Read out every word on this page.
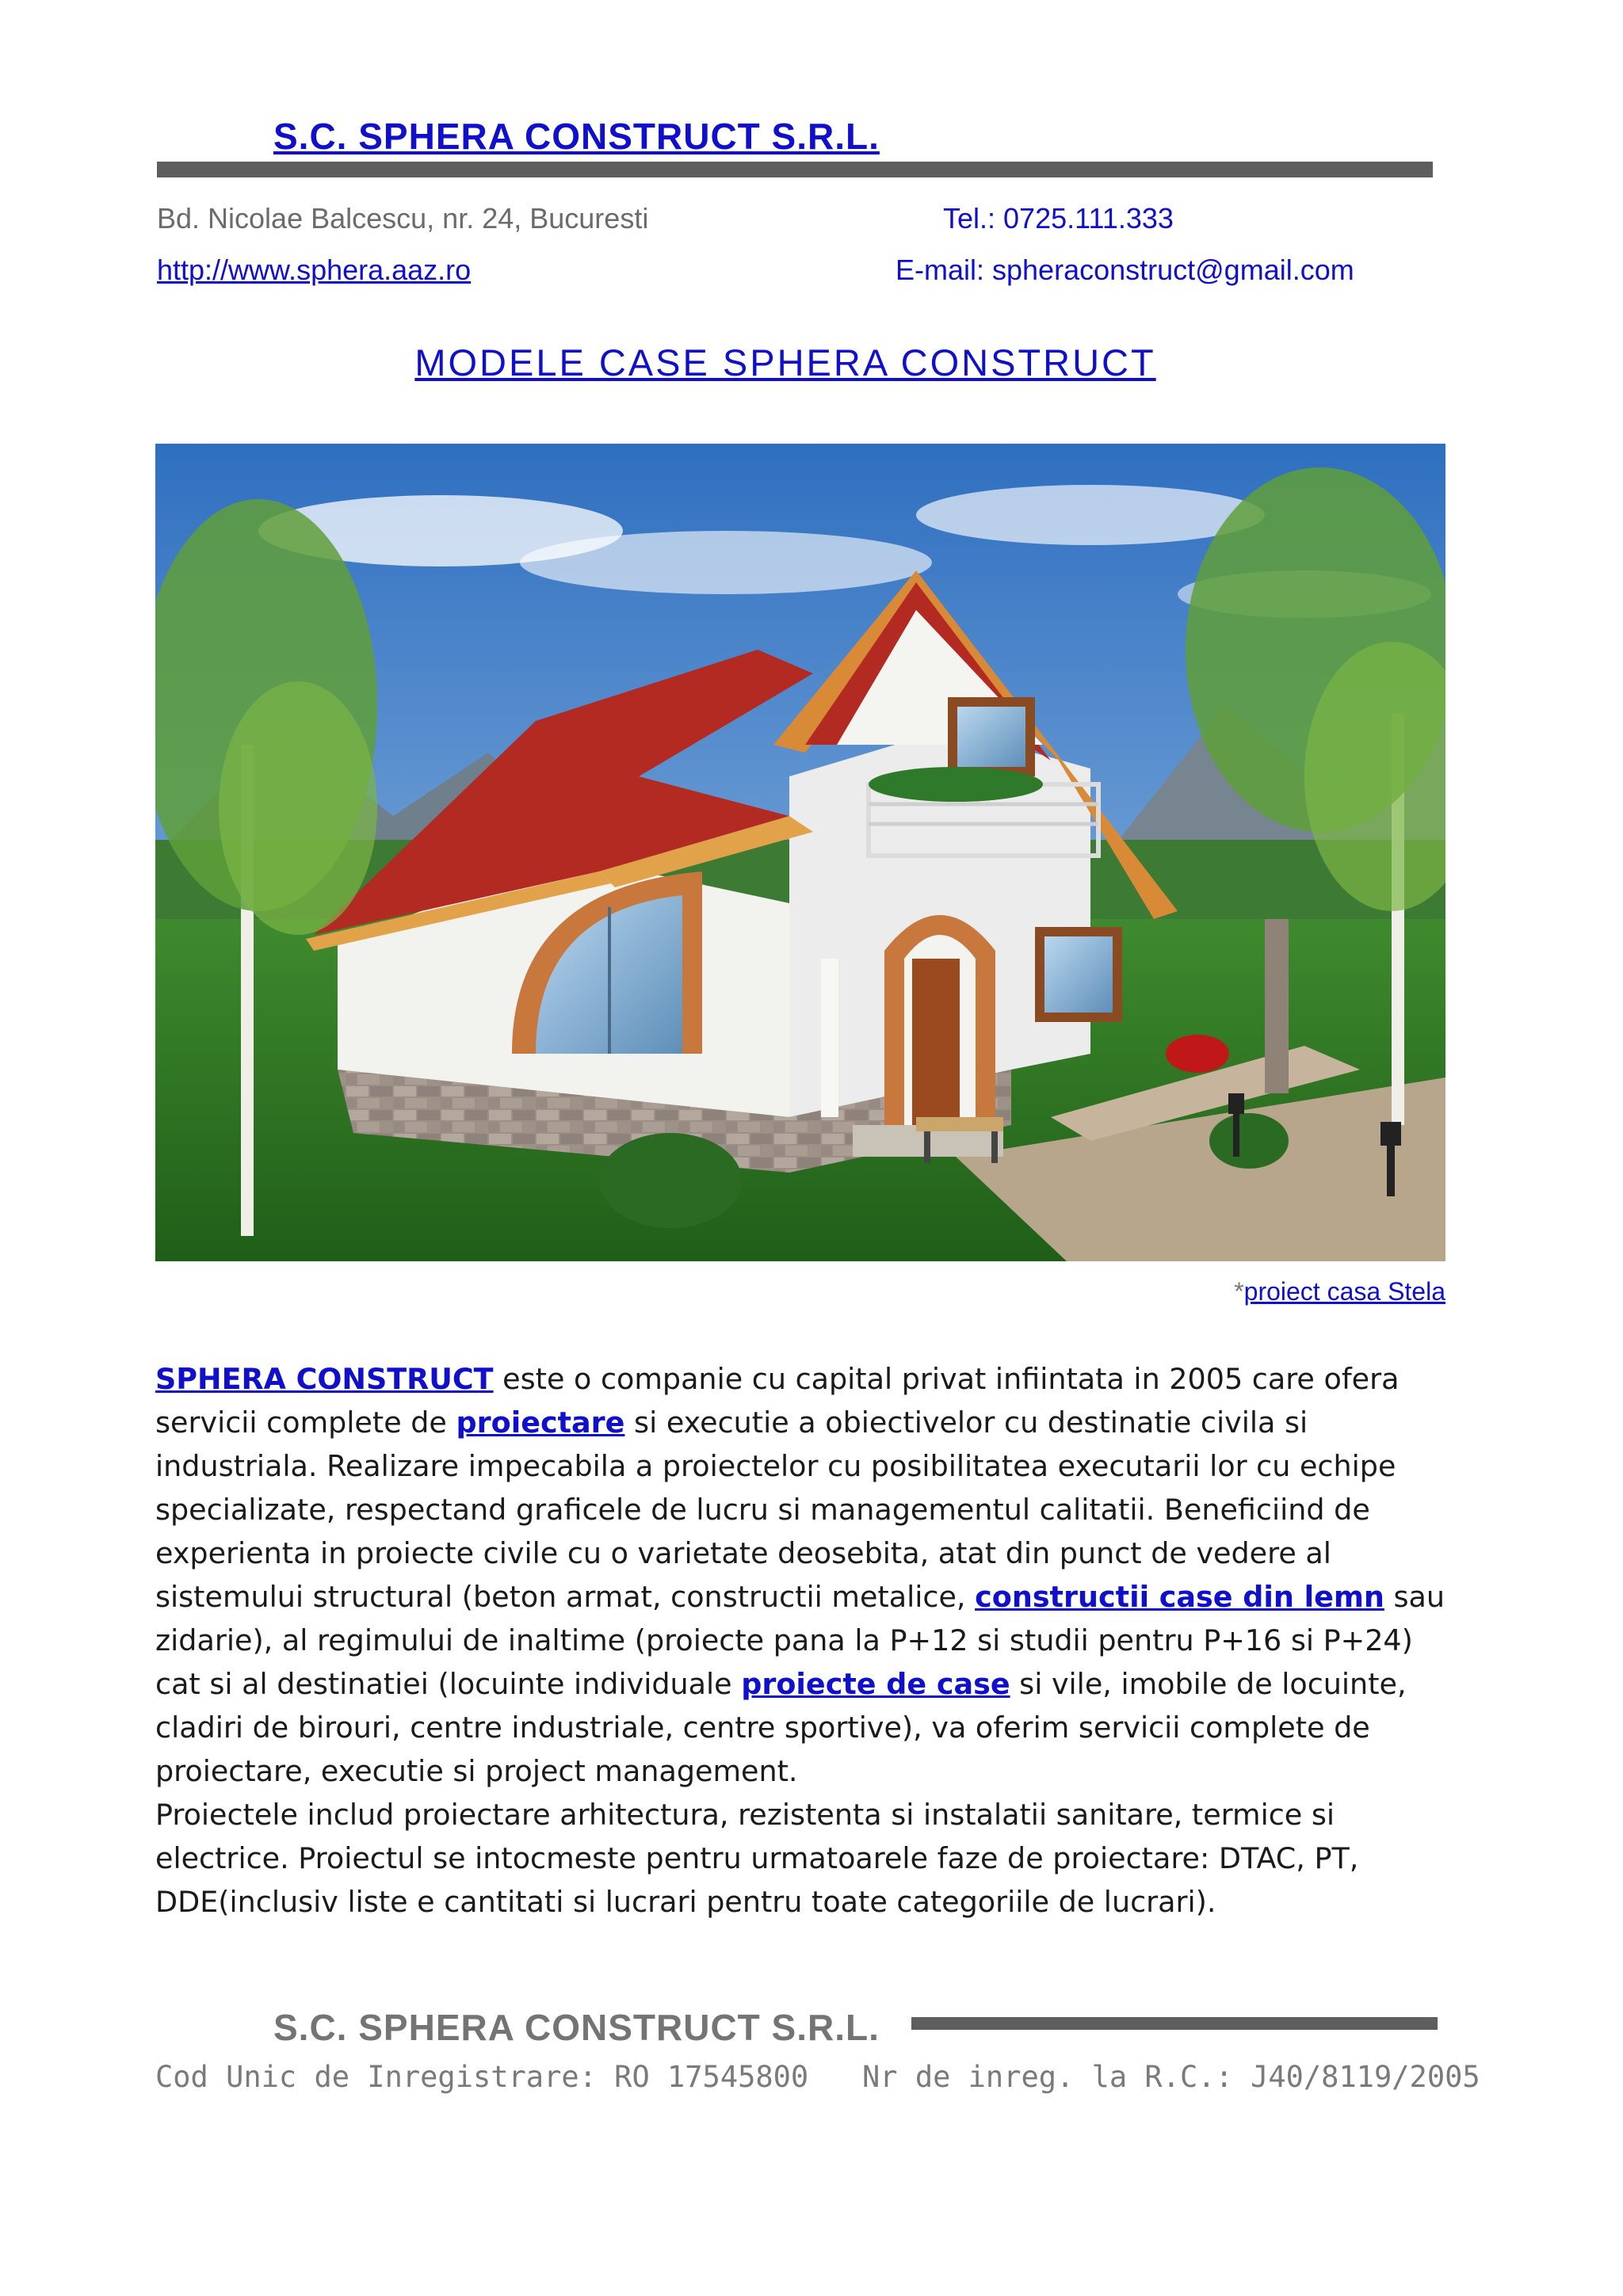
S.C. SPHERA CONSTRUCT S.R.L.
Bd. Nicolae Balcescu, nr. 24, Bucuresti	Tel.: 0725.111.333
http://www.sphera.aaz.ro	E-mail: spheraconstruct@gmail.com
MODELE CASE SPHERA CONSTRUCT
*proiect casa Stela

SPHERA CONSTRUCT este o companie cu capital privat infiintata in 2005 care ofera servicii complete de proiectare si executie a obiectivelor cu destinatie civila si industriala. Realizare impecabila a proiectelor cu posibilitatea executarii lor cu echipe specializate, respectand graficele de lucru si managementul calitatii. Beneficiind de experienta in proiecte civile cu o varietate deosebita, atat din punct de vedere al sistemului structural (beton armat, constructii metalice, constructii case din lemn sau zidarie), al regimului de inaltime (proiecte pana la P+12 si studii pentru P+16 si P+24) cat si al destinatiei (locuinte individuale proiecte de case si vile, imobile de locuinte, cladiri de birouri, centre industriale, centre sportive), va oferim servicii complete de proiectare, executie si project management.

Proiectele includ proiectare arhitectura, rezistenta si instalatii sanitare, termice si electrice. Proiectul se intocmeste pentru urmatoarele faze de proiectare: DTAC, PT, DDE(inclusiv liste e cantitati si lucrari pentru toate categoriile de lucrari).

S.C. SPHERA CONSTRUCT S.R.L.
Cod Unic de Inregistrare: RO 17545800 Nr de inreg. la R.C.: J40/8119/2005
